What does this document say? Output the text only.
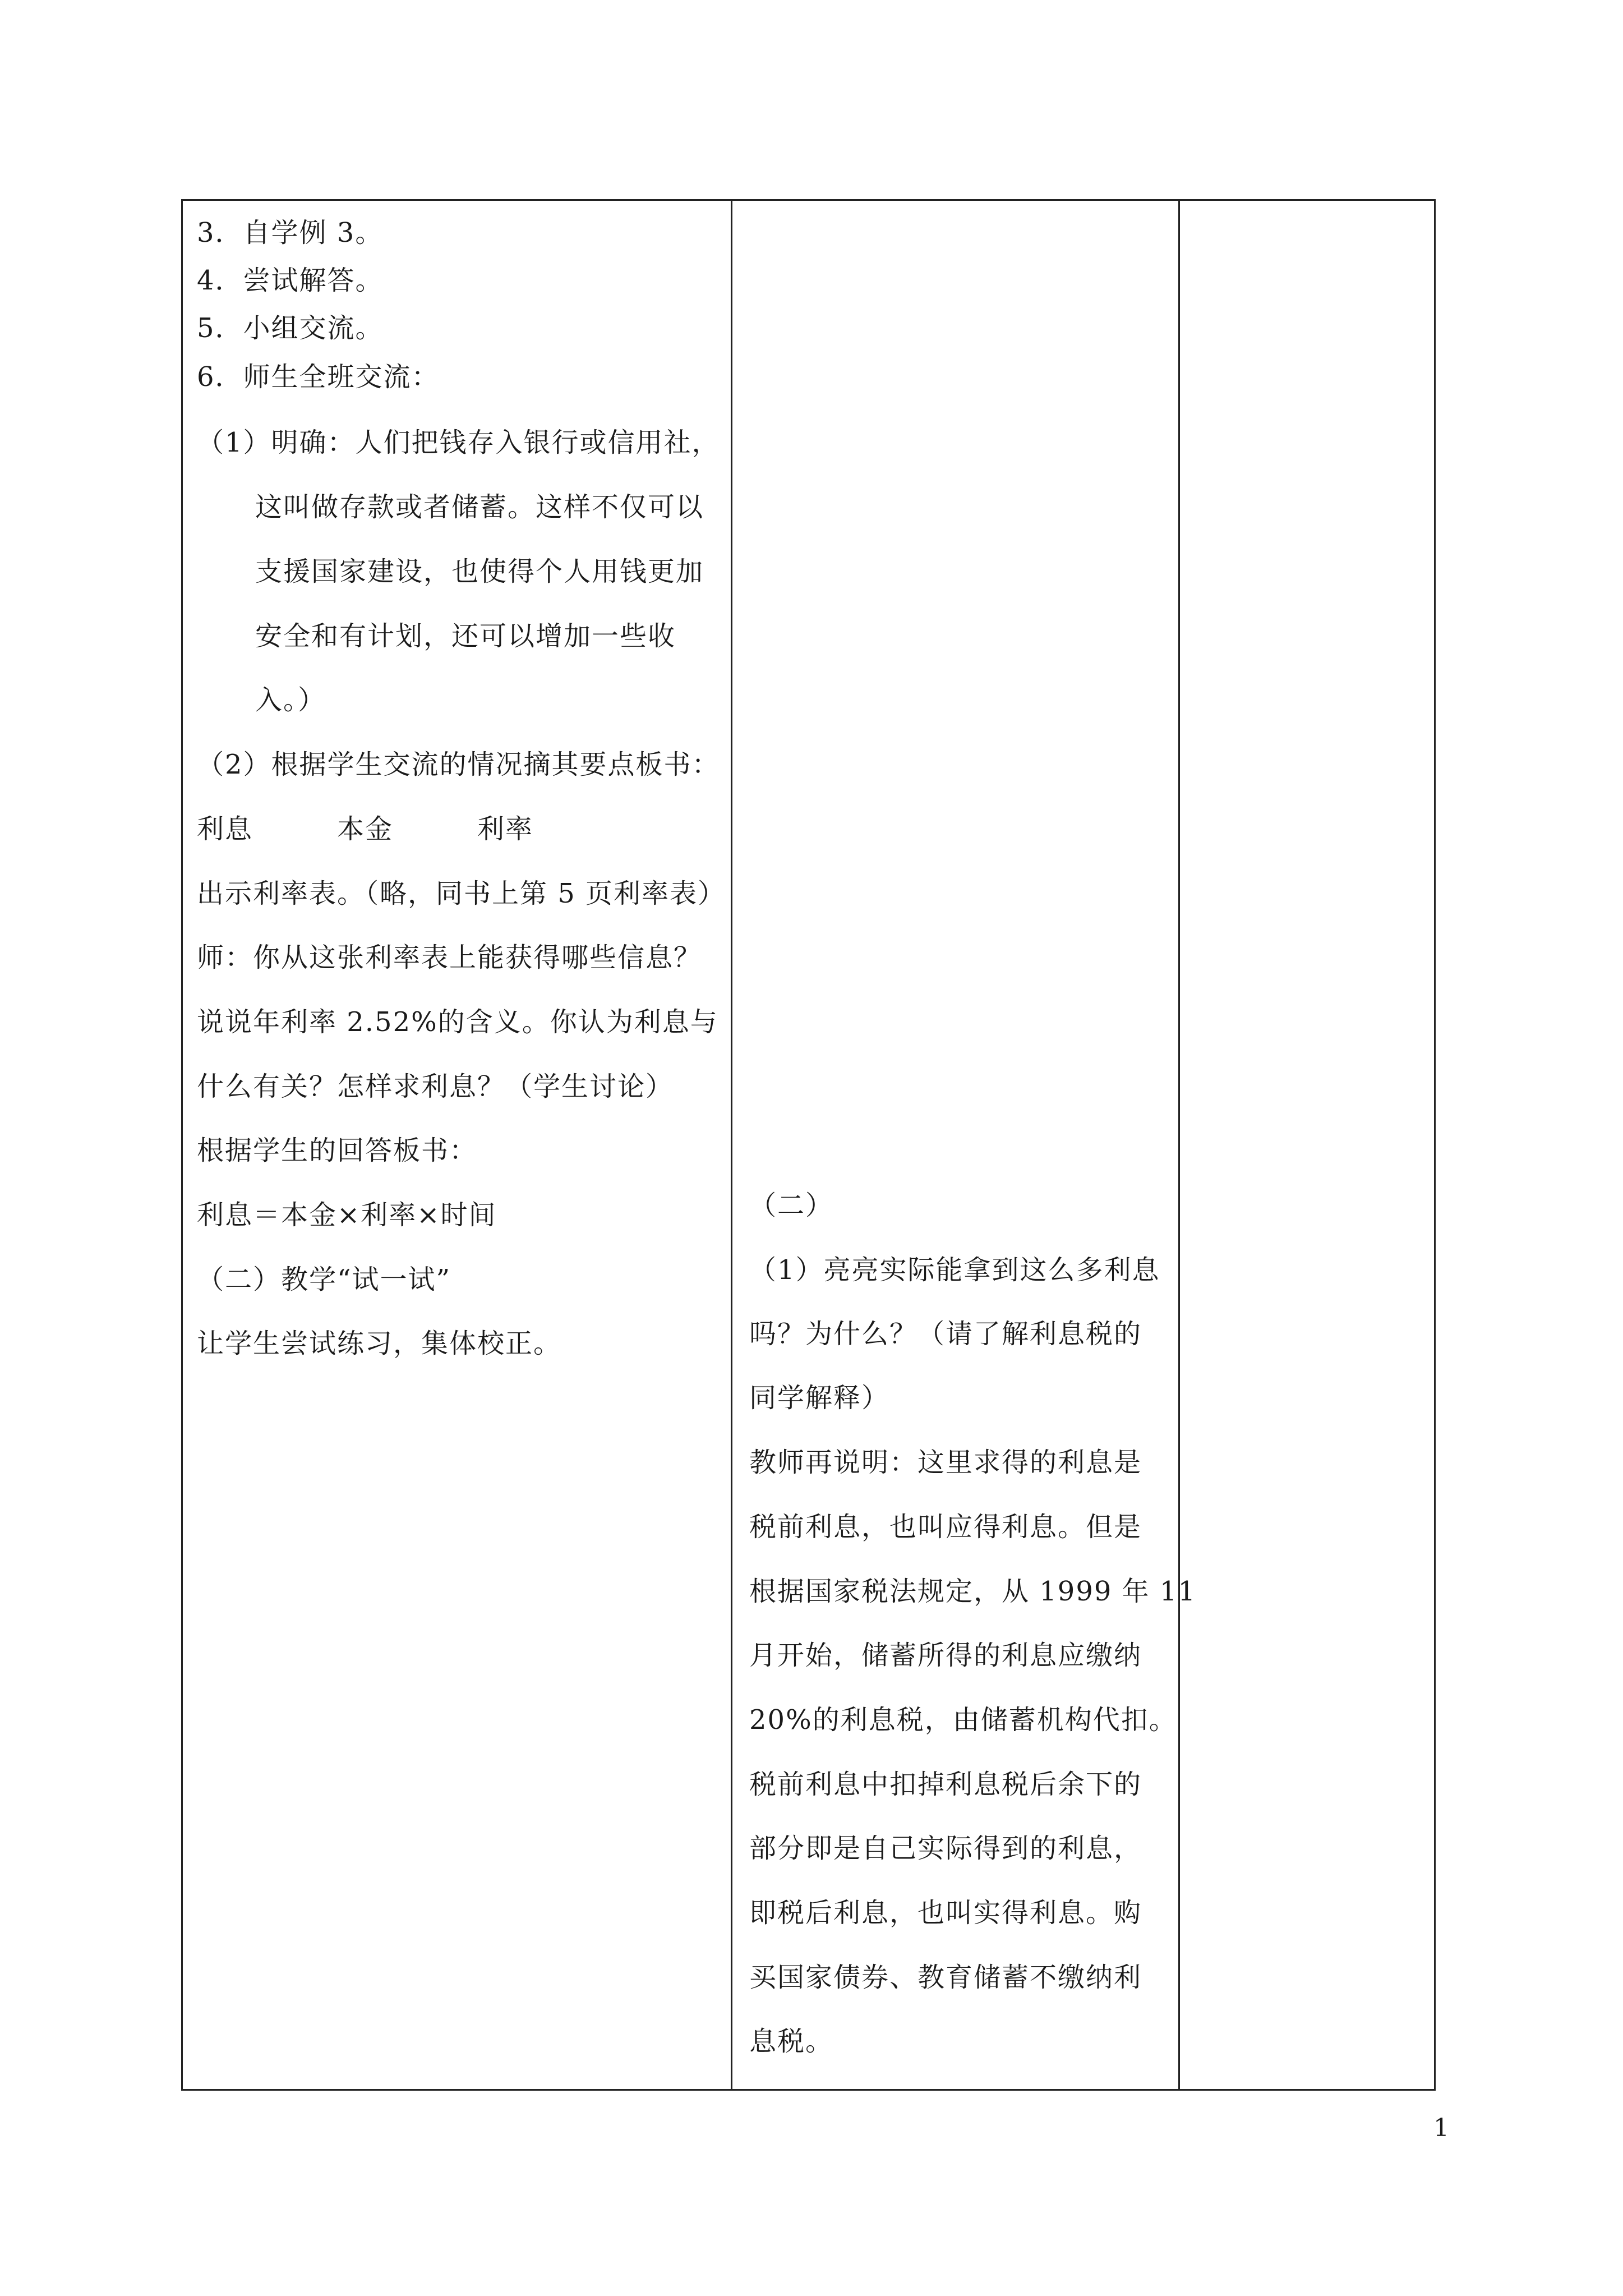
3．自学例 3。
4．尝试解答。
5．小组交流。
6．师生全班交流：
（1）明确：人们把钱存入银行或信用社，
这叫做存款或者储蓄。这样不仅可以
支援国家建设，也使得个人用钱更加
安全和有计划，还可以增加一些收
入。）
（2）根据学生交流的情况摘其要点板书：
利息　　　本金　　　利率
出示利率表。（略，同书上第 5 页利率表）
师：你从这张利率表上能获得哪些信息？
说说年利率 2.52%的含义。你认为利息与
什么有关？怎样求利息？（学生讨论）
根据学生的回答板书：
利息＝本金×利率×时间
（二）教学“试一试”
让学生尝试练习，集体校正。
（二）
（1）亮亮实际能拿到这么多利息
吗？为什么？（请了解利息税的
同学解释）
教师再说明：这里求得的利息是
税前利息，也叫应得利息。但是
根据国家税法规定，从 1999 年 11
月开始，储蓄所得的利息应缴纳
20%的利息税，由储蓄机构代扣。
税前利息中扣掉利息税后余下的
部分即是自己实际得到的利息，
即税后利息，也叫实得利息。购
买国家债券、教育储蓄不缴纳利
息税。
1
